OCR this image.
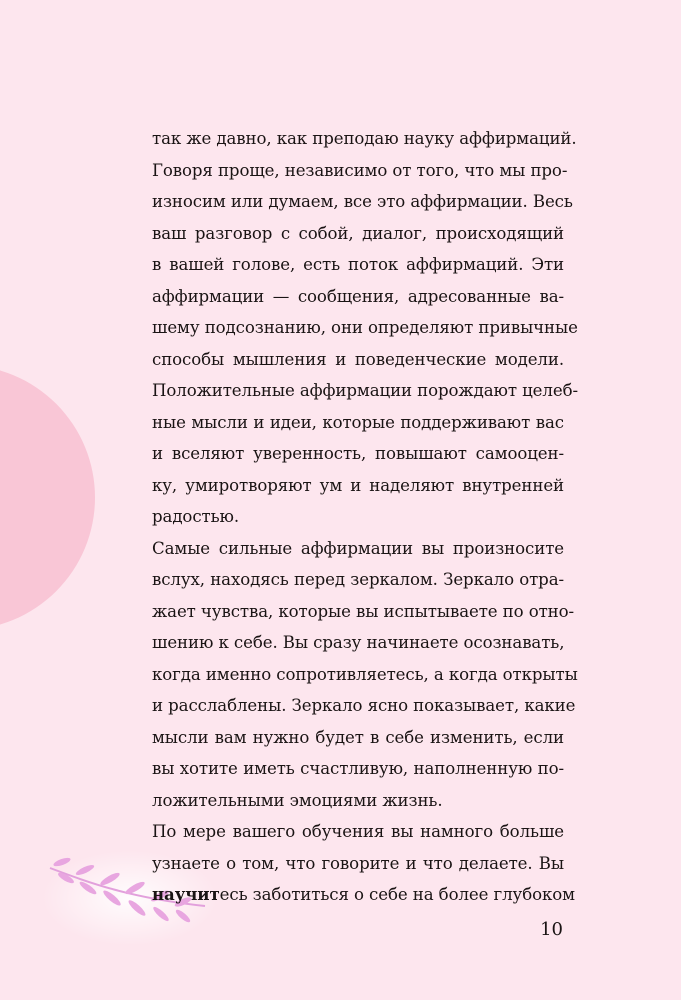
так же давно, как преподаю науку аффирмаций.
Говоря проще, независимо от того, что мы про-
износим или думаем, все это аффирмации. Весь
ваш разговор с собой, диалог, происходящий
в вашей голове, есть поток аффирмаций. Эти
аффирмации — сообщения, адресованные ва-
шему подсознанию, они определяют привычные
способы мышления и поведенческие модели.
Положительные аффирмации порождают целеб-
ные мысли и идеи, которые поддерживают вас
и вселяют уверенность, повышают самооцен-
ку, умиротворяют ум и наделяют внутренней
радостью.
Самые сильные аффирмации вы произносите
вслух, находясь перед зеркалом. Зеркало отра-
жает чувства, которые вы испытываете по отно-
шению к себе. Вы сразу начинаете осознавать,
когда именно сопротивляетесь, а когда открыты
и расслаблены. Зеркало ясно показывает, какие
мысли вам нужно будет в себе изменить, если
вы хотите иметь счастливую, наполненную по-
ложительными эмоциями жизнь.
По мере вашего обучения вы намного больше
узнаете о том, что говорите и что делаете. Вы
научитесь заботиться о себе на более глубоком
10
